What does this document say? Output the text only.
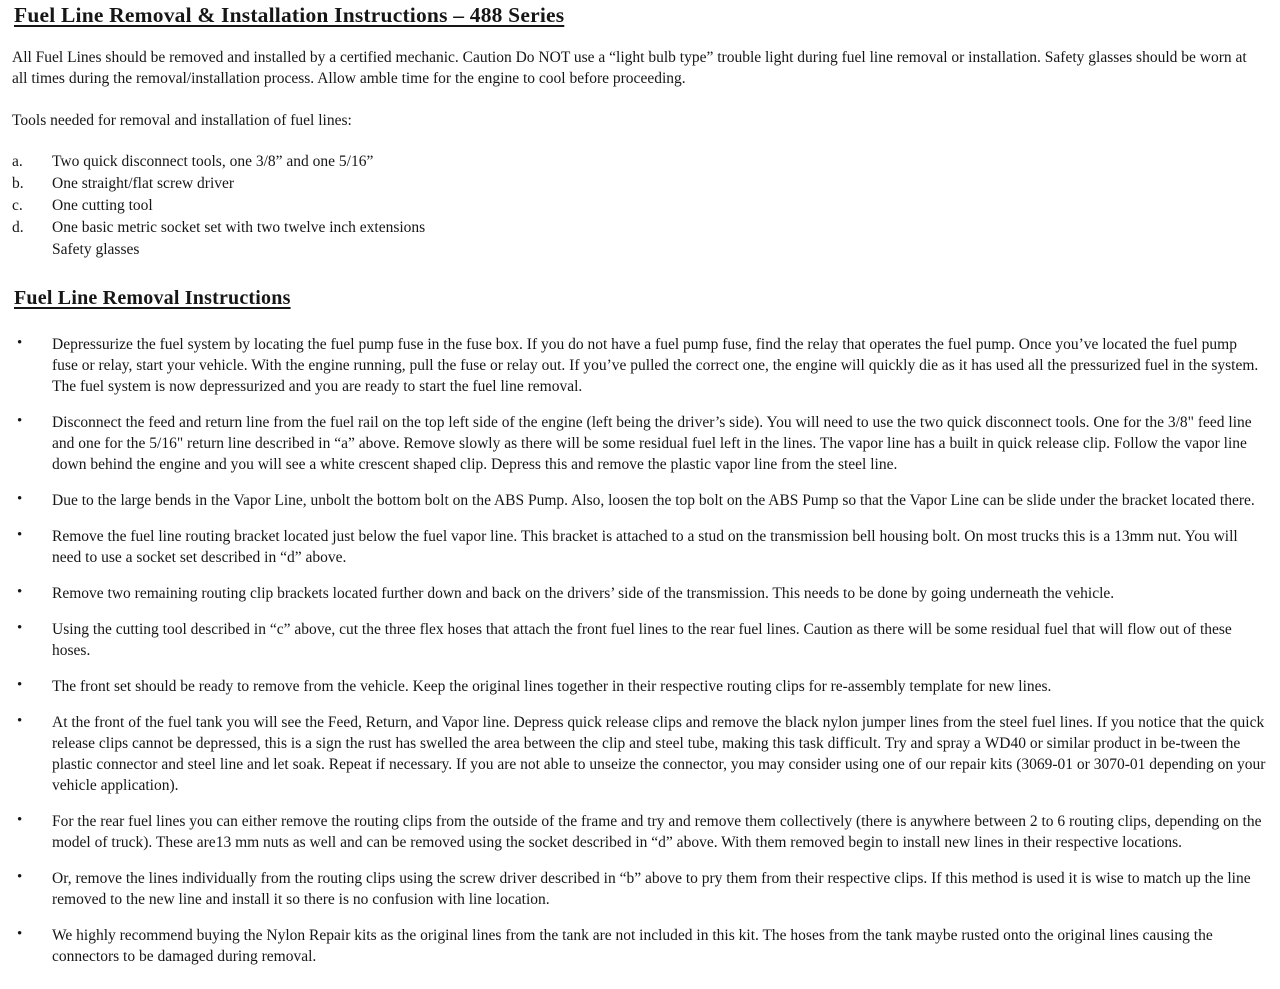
Fuel Line Removal & Installation Instructions – 488 Series

All Fuel Lines should be removed and installed by a certified mechanic. Caution Do NOT use a “light bulb type” trouble light during fuel line removal or installation. Safety glasses should be worn at all times during the removal/installation process. Allow amble time for the engine to cool before proceeding.

Tools needed for removal and installation of fuel lines:

a.	Two quick disconnect tools, one 3/8” and one 5/16”
b.	One straight/flat screw driver
c.	One cutting tool
d.	One basic metric socket set with two twelve inch extensions
Safety glasses
Fuel Line Removal Instructions
• Depressurize the fuel system by locating the fuel pump fuse in the fuse box. If you do not have a fuel pump fuse, find the relay that operates the fuel pump. Once you’ve located the fuel pump fuse or relay, start your vehicle. With the engine running, pull the fuse or relay out. If you’ve pulled the correct one, the engine will quickly die as it has used all the pressurized fuel in the system. The fuel system is now depressurized and you are ready to start the fuel line removal.
• Disconnect the feed and return line from the fuel rail on the top left side of the engine (left being the driver’s side). You will need to use the two quick disconnect tools. One for the 3/8" feed line and one for the 5/16" return line described in “a” above. Remove slowly as there will be some residual fuel left in the lines. The vapor line has a built in quick release clip. Follow the vapor line down behind the engine and you will see a white crescent shaped clip. Depress this and remove the plastic vapor line from the steel line.
• Due to the large bends in the Vapor Line, unbolt the bottom bolt on the ABS Pump. Also, loosen the top bolt on the ABS Pump so that the Vapor Line can be slide under the bracket located there.
• Remove the fuel line routing bracket located just below the fuel vapor line. This bracket is attached to a stud on the transmission bell housing bolt. On most trucks this is a 13mm nut. You will need to use a socket set described in “d” above.
• Remove two remaining routing clip brackets located further down and back on the drivers’ side of the transmission. This needs to be done by going underneath the vehicle.
• Using the cutting tool described in “c” above, cut the three flex hoses that attach the front fuel lines to the rear fuel lines. Caution as there will be some residual fuel that will flow out of these hoses.
• The front set should be ready to remove from the vehicle. Keep the original lines together in their respective routing clips for re-assembly template for new lines.
• At the front of the fuel tank you will see the Feed, Return, and Vapor line. Depress quick release clips and remove the black nylon jumper lines from the steel fuel lines. If you notice that the quick release clips cannot be depressed, this is a sign the rust has swelled the area between the clip and steel tube, making this task difficult. Try and spray a WD40 or similar product in be-tween the plastic connector and steel line and let soak. Repeat if necessary. If you are not able to unseize the connector, you may consider using one of our repair kits (3069-01 or 3070-01 depending on your vehicle application).
• For the rear fuel lines you can either remove the routing clips from the outside of the frame and try and remove them collectively (there is anywhere between 2 to 6 routing clips, depending on the model of truck). These are13 mm nuts as well and can be removed using the socket described in “d” above. With them removed begin to install new lines in their respective locations.
• Or, remove the lines individually from the routing clips using the screw driver described in “b” above to pry them from their respective clips. If this method is used it is wise to match up the line removed to the new line and install it so there is no confusion with line location.
• We highly recommend buying the Nylon Repair kits as the original lines from the tank are not included in this kit. The hoses from the tank maybe rusted onto the original lines causing the connectors to be damaged during removal.
